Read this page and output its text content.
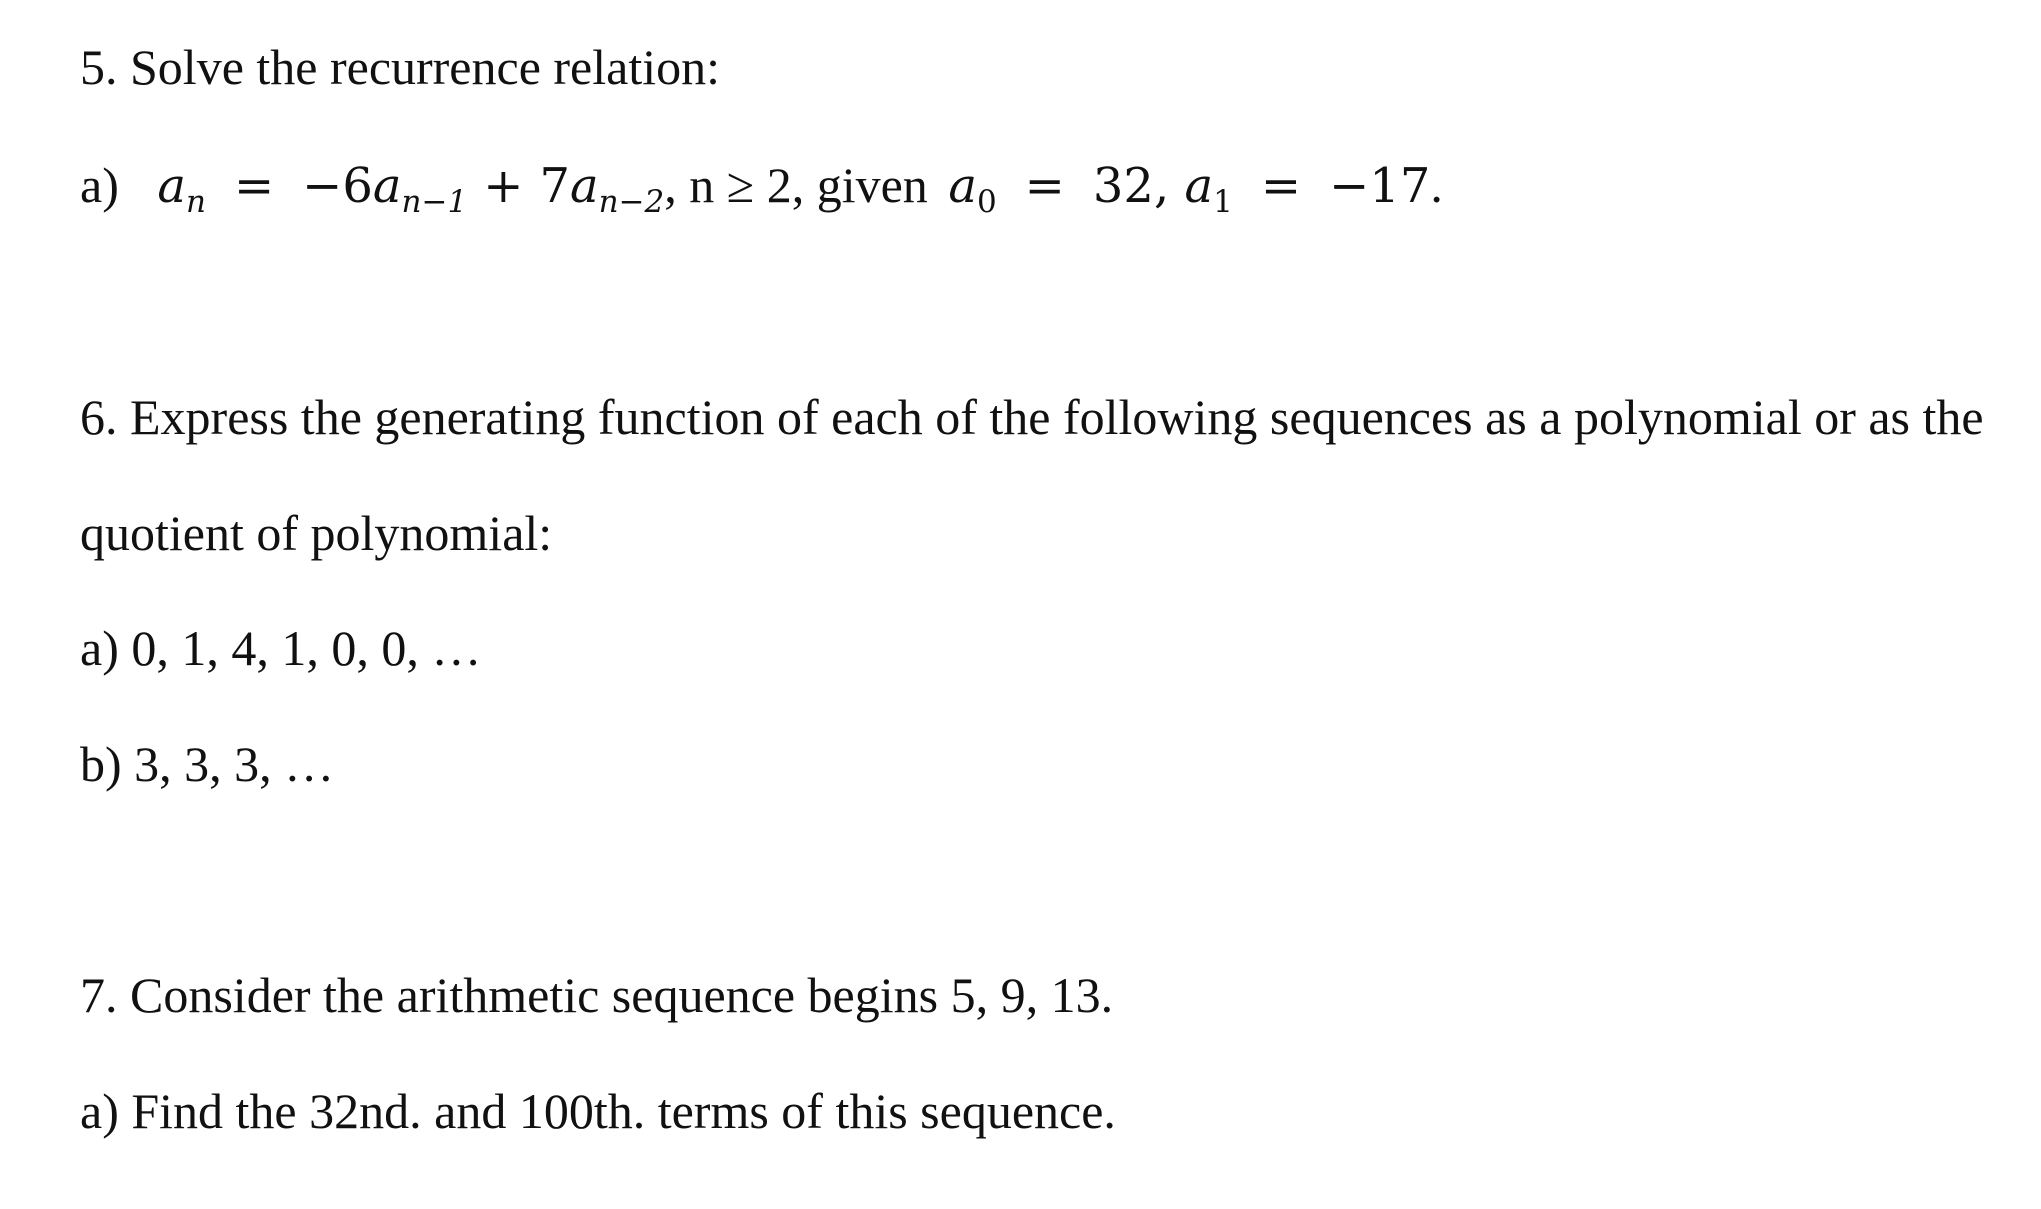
5. Solve the recurrence relation:
a) $a_n = -6a_{n-1} + 7a_{n-2}$, n ≥ 2, given $a_0 = 32$, $a_1 = -17$.
6. Express the generating function of each of the following sequences as a polynomial or as the
quotient of polynomial:
a) 0, 1, 4, 1, 0, 0, …
b) 3, 3, 3, …
7. Consider the arithmetic sequence begins 5, 9, 13.
a) Find the 32nd. and 100th. terms of this sequence.
